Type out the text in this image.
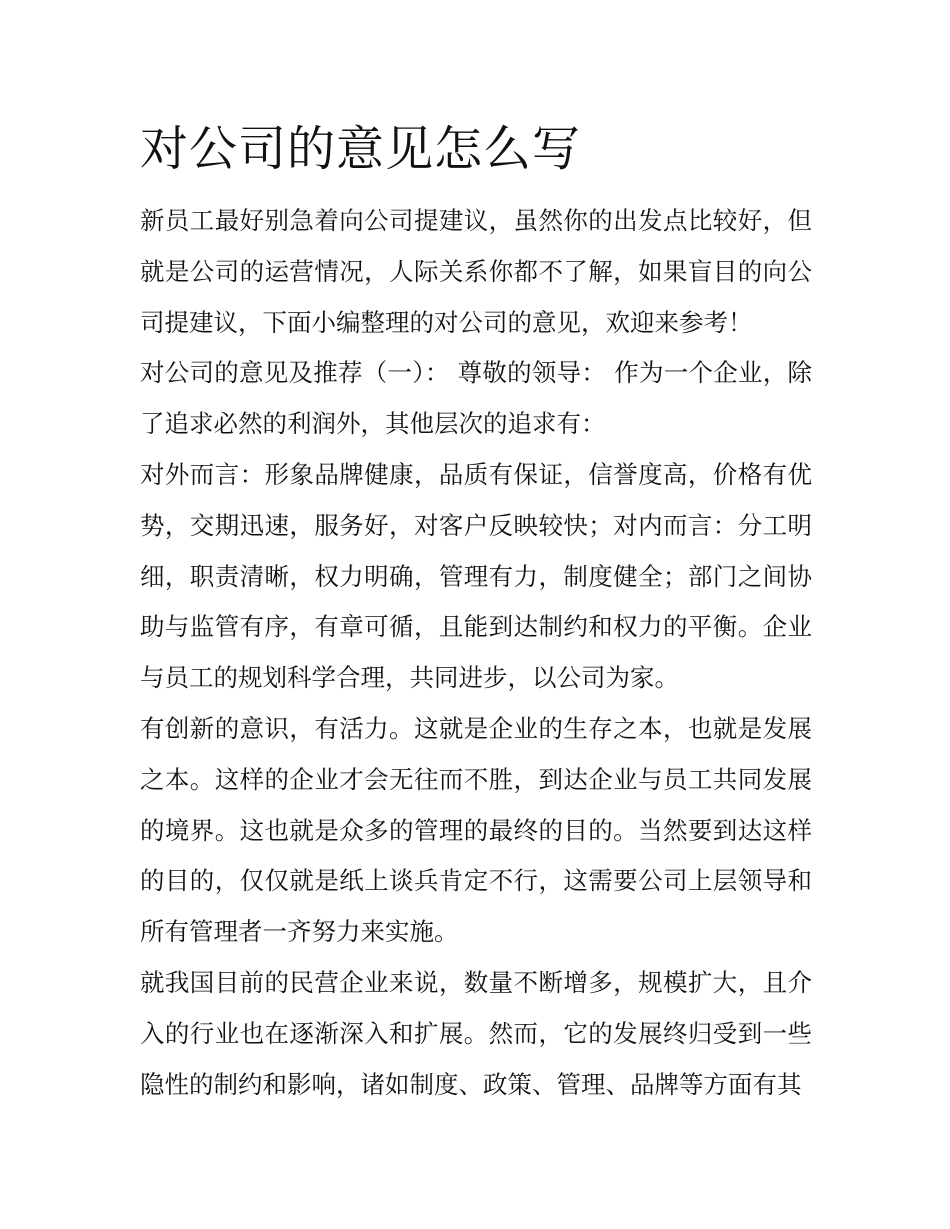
对公司的意见怎么写

新员工最好别急着向公司提建议，虽然你的出发点比较好，但就是公司的运营情况，人际关系你都不了解，如果盲目的向公司提建议，下面小编整理的对公司的意见，欢迎来参考！

对公司的意见及推荐（一）： 尊敬的领导： 作为一个企业，除了追求必然的利润外，其他层次的追求有：

对外而言：形象品牌健康，品质有保证，信誉度高，价格有优势，交期迅速，服务好，对客户反映较快；对内而言：分工明细，职责清晰，权力明确，管理有力，制度健全；部门之间协助与监管有序，有章可循，且能到达制约和权力的平衡。企业与员工的规划科学合理，共同进步，以公司为家。

有创新的意识，有活力。这就是企业的生存之本，也就是发展之本。这样的企业才会无往而不胜，到达企业与员工共同发展的境界。这也就是众多的管理的最终的目的。当然要到达这样的目的，仅仅就是纸上谈兵肯定不行，这需要公司上层领导和所有管理者一齐努力来实施。

就我国目前的民营企业来说，数量不断增多，规模扩大，且介入的行业也在逐渐深入和扩展。然而，它的发展终归受到一些隐性的制约和影响，诸如制度、政策、管理、品牌等方面有其
